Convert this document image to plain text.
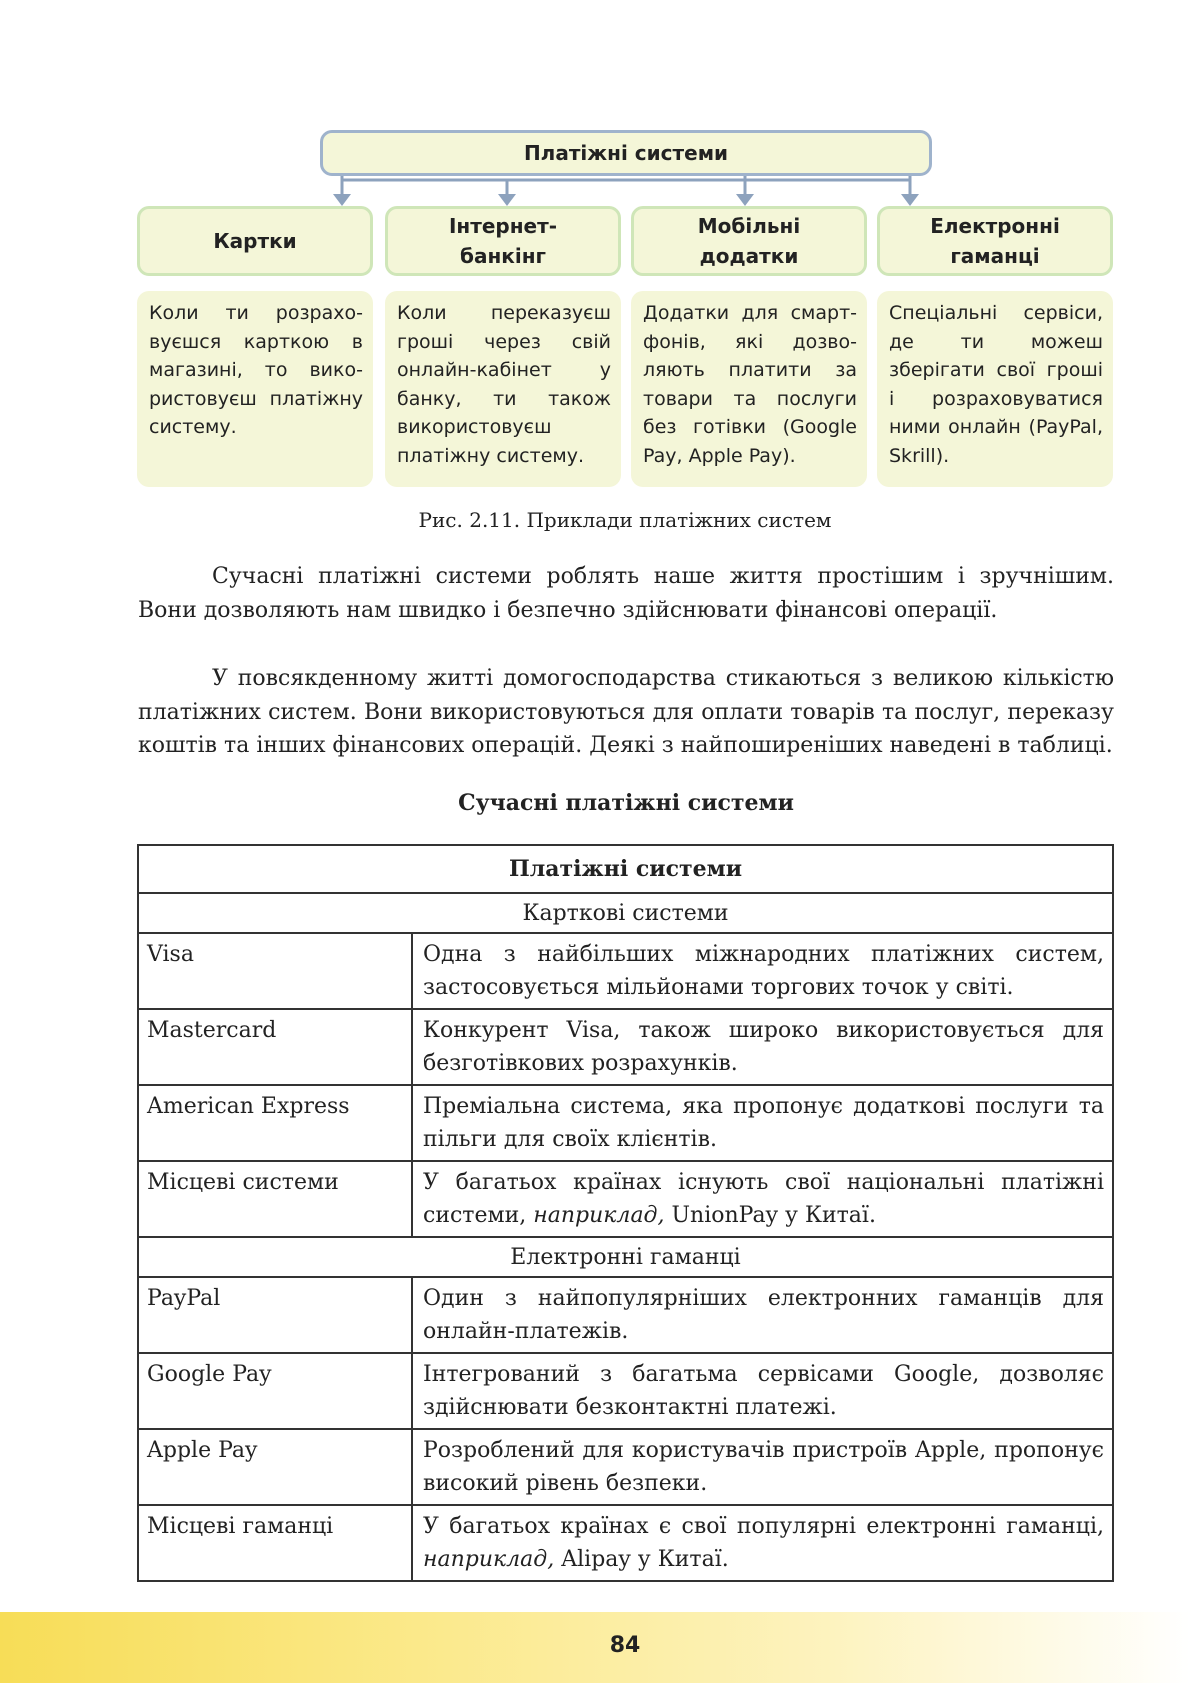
Платіжні системи
Картки
Інтернет-
банкінг
Мобільні
додатки
Електронні
гаманці
Коли ти розраховуєшся карткою в магазині, то використовуєш платіжну систему.
Коли переказуєш гроші через свій онлайн-кабінет у банку, ти також використовуєш платіжну систему.
Додатки для смартфонів, які дозволяють платити за товари та послуги без готівки (Google Pay, Apple Pay).
Спеціальні сервіси, де ти можеш зберігати свої гроші і розраховуватися ними онлайн (PayPal, Skrill).
Рис. 2.11. Приклади платіжних систем

Сучасні платіжні системи роблять наше життя простішим і зручнішим. Вони дозволяють нам швидко і безпечно здійснювати фінансові операції.

У повсякденному житті домогосподарства стикаються з великою кількістю платіжних систем. Вони використовуються для оплати товарів та послуг, переказу коштів та інших фінансових операцій. Деякі з найпоширеніших наведені в таблиці.

Сучасні платіжні системи
Платіжні системи	
Карткові системи	
Visa	Одна з найбільших міжнародних платіжних систем, застосовується мільйонами торгових точок у світі.
Mastercard	Конкурент Visa, також широко використовується для безготівкових розрахунків.
American Express	Преміальна система, яка пропонує додаткові послуги та пільги для своїх клієнтів.
Місцеві системи	У багатьох країнах існують свої національні платіжні системи, наприклад, UnionPay у Китаї.
Електронні гаманці	
PayPal	Один з найпопулярніших електронних гаманців для онлайн-платежів.
Google Pay	Інтегрований з багатьма сервісами Google, дозволяє здійснювати безконтактні платежі.
Apple Pay	Розроблений для користувачів пристроїв Apple, пропонує високий рівень безпеки.
Місцеві гаманці	У багатьох країнах є свої популярні електронні гаманці, наприклад, Alipay у Китаї.
84
